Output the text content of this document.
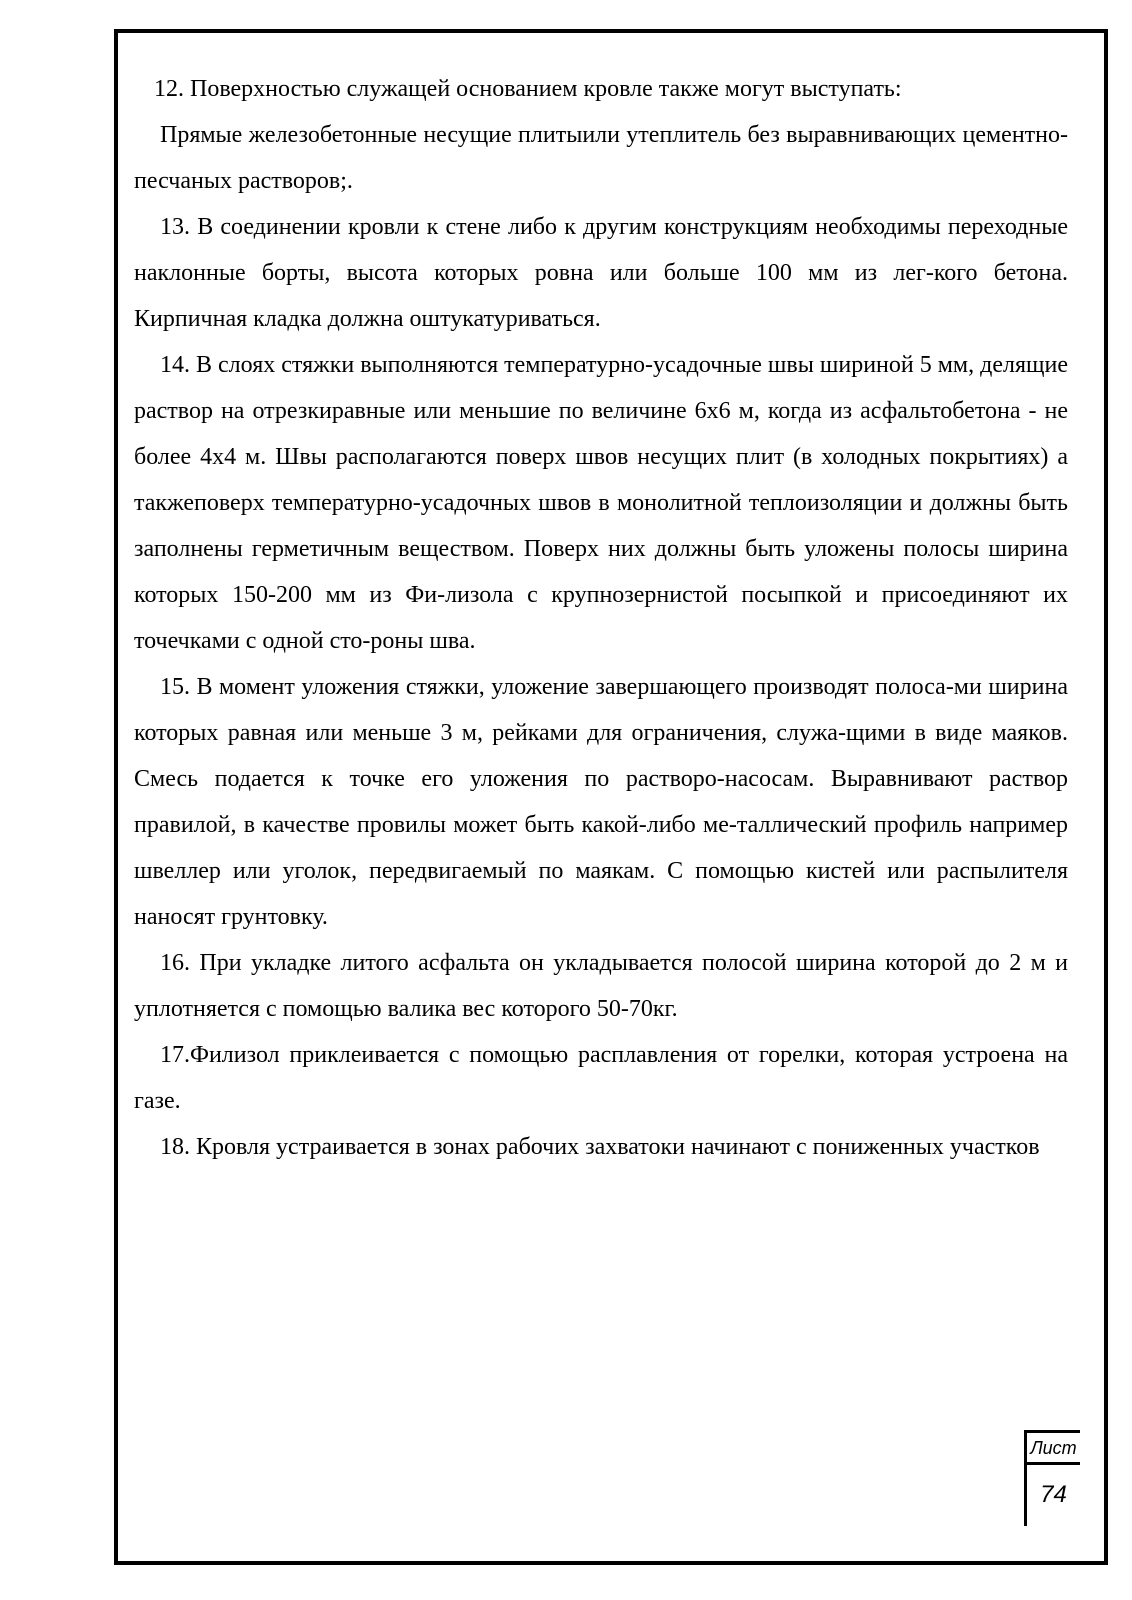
Лист
74

12. Поверхностью служащей основанием кровле также могут выступать:

Прямые железобетонные несущие плитыили утеплитель без выравнивающих цементно-песчаных растворов;.

13. В соединении кровли к стене либо к другим конструкциям необходимы переходные наклонные борты, высота которых ровна или больше 100 мм из лег-кого бетона. Кирпичная кладка должна оштукатуриваться.

14. В слоях стяжки выполняются температурно-усадочные швы шириной 5 мм, делящие раствор на отрезкиравные или меньшие по величине 6х6 м, когда из асфальтобетона - не более 4х4 м. Швы располагаются поверх швов несущих плит (в холодных покрытиях) а такжеповерх температурно-усадочных швов в монолитной теплоизоляции и должны быть заполнены герметичным веществом. Поверх них должны быть уложены полосы ширина которых 150-200 мм из Фи-лизола с крупнозернистой посыпкой и присоединяют их точечками с одной сто-роны шва.

15. В момент уложения стяжки, уложение завершающего производят полоса-ми ширина которых равная или меньше 3 м, рейками для ограничения, служа-щими в виде маяков. Смесь подается к точке его уложения по растворо-насосам. Выравнивают раствор правилой, в качестве провилы может быть какой-либо ме-таллический профиль например швеллер или уголок, передвигаемый по маякам. С помощью кистей или распылителя наносят грунтовку.

16. При укладке литого асфальта он укладывается полосой ширина которой до 2 м и уплотняется с помощью валика вес которого 50-70кг.

17.Филизол приклеивается с помощью расплавления от горелки, которая устроена на газе.

18. Кровля устраивается в зонах рабочих захватоки начинают с пониженных участков
